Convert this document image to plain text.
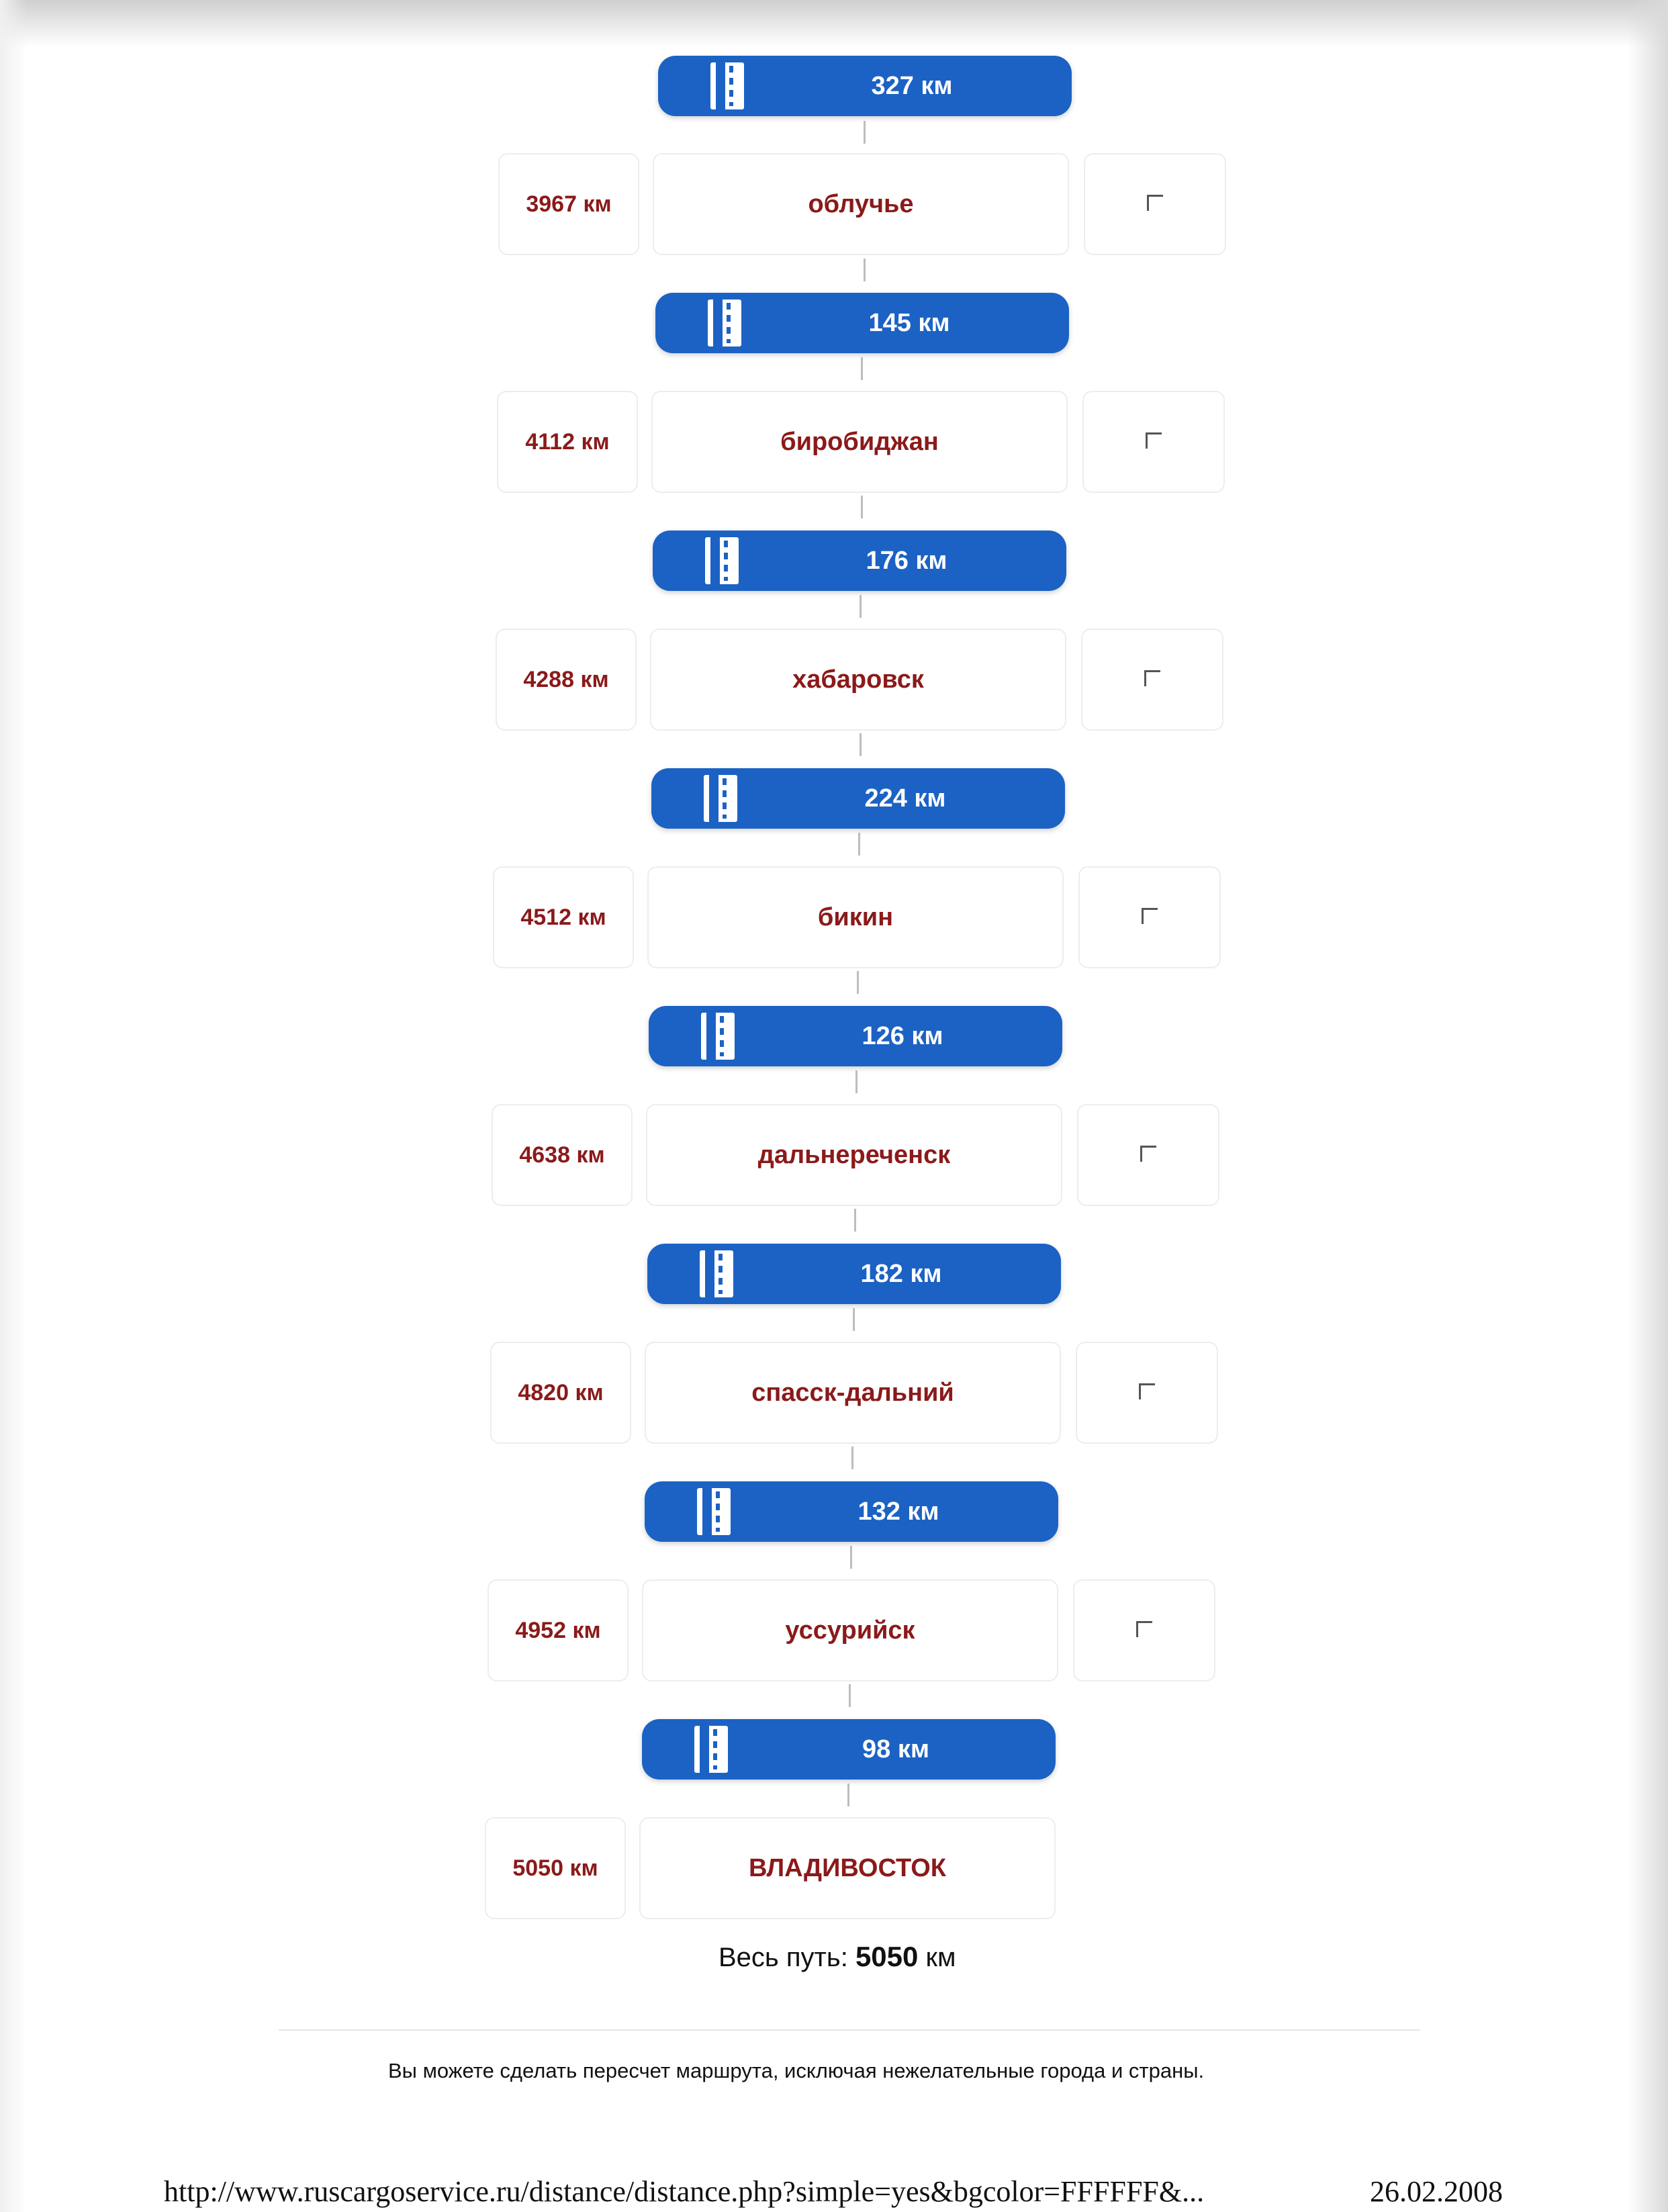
327 км
3967 км	облучье
145 км
4112 км	биробиджан
176 км
4288 км	хабаровск
224 км
4512 км	бикин
126 км
4638 км	дальнереченск
182 км
4820 км	спасск-дальний
132 км
4952 км	уссурийск
98 км
5050 км	ВЛАДИВОСТОК
Весь путь: 5050 км
Вы можете сделать пересчет маршрута, исключая нежелательные города и страны.
http://www.ruscargoservice.ru/distance/distance.php?simple=yes&bgcolor=FFFFFF&...	26.02.2008
